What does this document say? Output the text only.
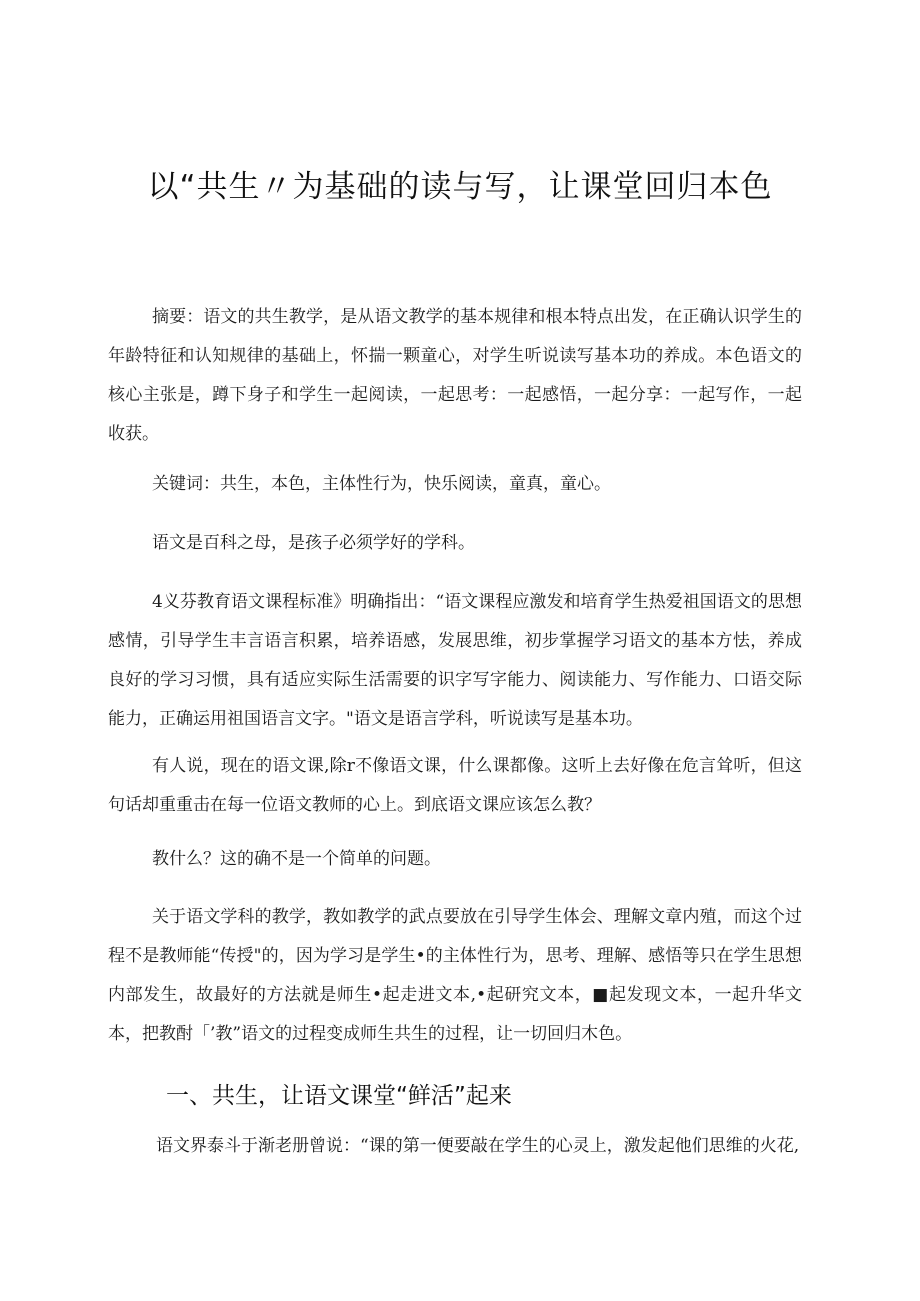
以“共生〃为基础的读与写，让课堂回归本色
摘要：语文的共生教学，是从语文教学的基本规律和根本特点出发，在正确认识学生的年龄特征和认知规律的基础上，怀揣一颗童心，对学生听说读写基本功的养成。本色语文的核心主张是，蹲下身子和学生一起阅读，一起思考：一起感悟，一起分享：一起写作，一起收获。
关键词：共生，本色，主体性行为，快乐阅读，童真，童心。
语文是百科之母，是孩子必须学好的学科。
4义芬教育语文课程标准》明确指出：“语文课程应激发和培育学生热爱祖国语文的思想感情，引导学生丰言语言积累，培养语感，发展思维，初步掌握学习语文的基本方怯，养成良好的学习习惯，具有适应实际生活需要的识字写字能力、阅读能力、写作能力、口语交际能力，正确运用祖国语言文字。"语文是语言学科，听说读写是基本功。
有人说，现在的语文课,除r不像语文课，什么课都像。这听上去好像在危言耸听，但这句话却重重击在每一位语文教师的心上。到底语文课应该怎么教？
教什么？这的确不是一个简单的问题。
关于语文学科的教学，教如教学的武点要放在引导学生体会、理解文章内殖，而这个过程不是教师能“传授"的，因为学习是学生•的主体性行为，思考、理解、感悟等只在学生思想内部发生，故最好的方法就是师生•起走进文本,•起研究文本，■起发现文本，一起升华文本，把教酎「’教”语文的过程变成师生共生的过程，让一切回归木色。
一、共生，让语文课堂“鲜活”起来
语文界泰斗于渐老册曾说：“课的第一便要敲在学生的心灵上，激发起他们思维的火花,
